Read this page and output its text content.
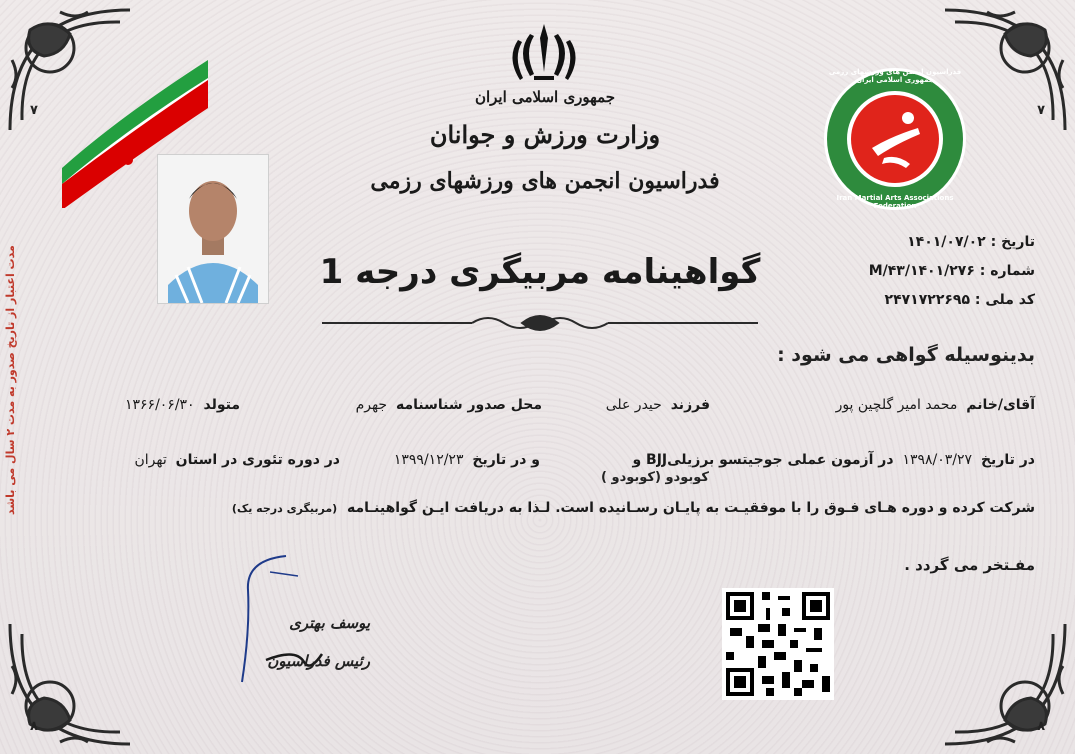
۷	۷
۸	۸
جمهوری اسلامی ایران
وزارت ورزش و جوانان
فدراسیون انجمن های ورزشهای رزمی
فدراسیون انجمن های ورزشهای رزمی جمهوری اسلامی ایران
Iran Martial Arts Associations Federation
تاریخ : ۱۴۰۱/۰۷/۰۲
شماره : ۱۴۰۱/۲۷۶/M/۴۳
کد ملی : ۲۴۷۱۷۲۲۶۹۵
گواهینامه مربیگری درجه 1
بدینوسیله گواهی می شود :
آقای/خانم  محمد امیر گلچین پور
فرزند  حیدر علی
محل صدور شناسنامه  جهرم
متولد  ۱۳۶۶/۰۶/۳۰
در تاریخ  ۱۳۹۸/۰۳/۲۷  در آزمون عملی جوجیتسو برزیلیBJJ و
کوبودو (کوبودو )
و در تاریخ  ۱۳۹۹/۱۲/۲۳
در دوره تئوری در استان  تهران
شرکت کرده و دوره هـای فـوق را با موفقیـت به پایـان رسـانیده است. لـذا به دریافت ایـن گواهینـامه  (مربیگری درجه یک)
مفـتخر می گردد .
یوسف بهتری
رئیس فدراسیون
مدت اعتبار از تاریخ صدور به مدت ۲ سال می باشد
